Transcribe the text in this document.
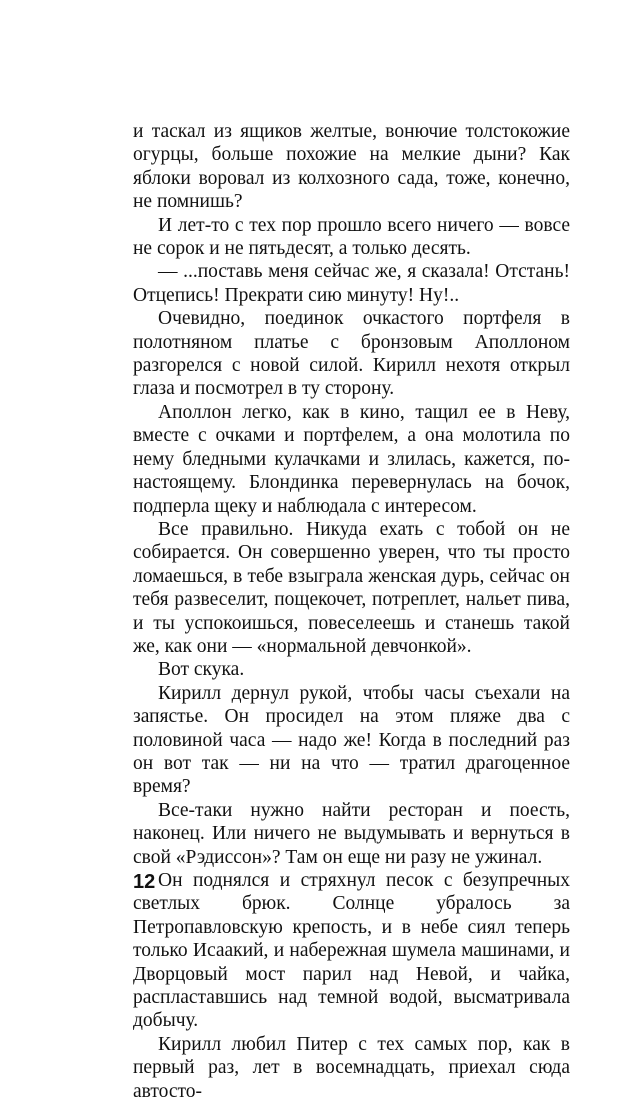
и таскал из ящиков желтые, вонючие толстокожие огурцы, больше похожие на мелкие дыни? Как яблоки воровал из колхозного сада, тоже, конечно, не помнишь?

И лет-то с тех пор прошло всего ничего — вовсе не сорок и не пятьдесят, а только десять.

— ...поставь меня сейчас же, я сказала! Отстань! Отцепись! Прекрати сию минуту! Ну!..

Очевидно, поединок очкастого портфеля в полотняном платье с бронзовым Аполлоном разгорелся с новой силой. Кирилл нехотя открыл глаза и посмотрел в ту сторону.

Аполлон легко, как в кино, тащил ее в Неву, вместе с очками и портфелем, а она молотила по нему бледными кулачками и злилась, кажется, по-настоящему. Блондинка перевернулась на бочок, подперла щеку и наблюдала с интересом.

Все правильно. Никуда ехать с тобой он не собирается. Он совершенно уверен, что ты просто ломаешься, в тебе взыграла женская дурь, сейчас он тебя развеселит, пощекочет, потреплет, нальет пива, и ты успокоишься, повеселеешь и станешь такой же, как они — «нормальной девчонкой».

Вот скука.

Кирилл дернул рукой, чтобы часы съехали на запястье. Он просидел на этом пляже два с половиной часа — надо же! Когда в последний раз он вот так — ни на что — тратил драгоценное время?

Все-таки нужно найти ресторан и поесть, наконец. Или ничего не выдумывать и вернуться в свой «Рэдиссон»? Там он еще ни разу не ужинал.

Он поднялся и стряхнул песок с безупречных светлых брюк. Солнце убралось за Петропавловскую крепость, и в небе сиял теперь только Исаакий, и набережная шумела машинами, и Дворцовый мост парил над Невой, и чайка, распластавшись над темной водой, высматривала добычу.

Кирилл любил Питер с тех самых пор, как в первый раз, лет в восемнадцать, приехал сюда автосто-

12
